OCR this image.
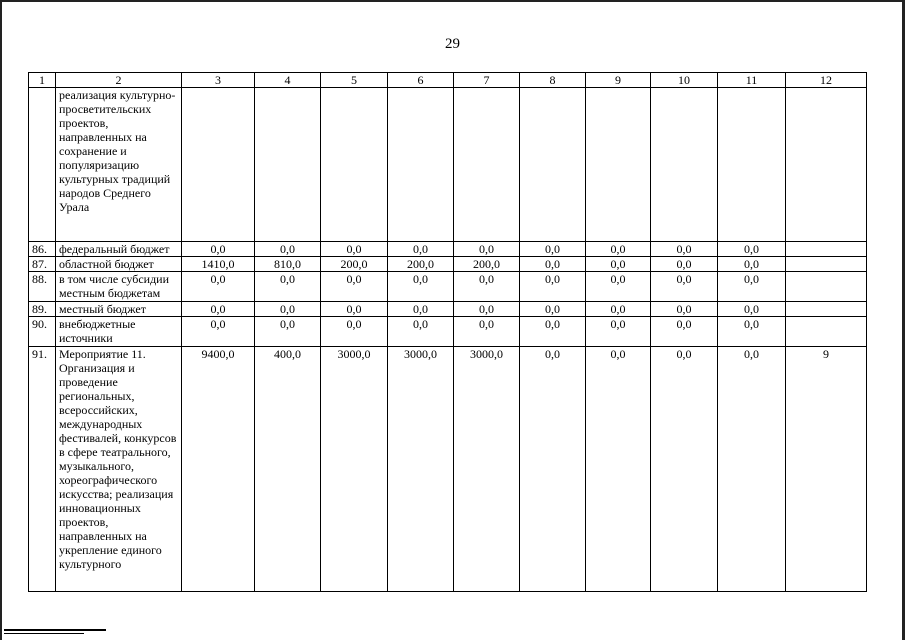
29
1	2	3	4	5	6	7	8	9	10	11	12
	реализация культурно-просветительских проектов, направленных на сохранение и популяризацию культурных традиций народов Среднего Урала										
86.	федеральный бюджет	0,0	0,0	0,0	0,0	0,0	0,0	0,0	0,0	0,0	
87.	областной бюджет	1410,0	810,0	200,0	200,0	200,0	0,0	0,0	0,0	0,0	
88.	в том числе субсидии местным бюджетам	0,0	0,0	0,0	0,0	0,0	0,0	0,0	0,0	0,0	
89.	местный бюджет	0,0	0,0	0,0	0,0	0,0	0,0	0,0	0,0	0,0	
90.	внебюджетные источники	0,0	0,0	0,0	0,0	0,0	0,0	0,0	0,0	0,0	
91.	Мероприятие 11. Организация и проведение региональных, всероссийских, международных фестивалей, конкурсов в сфере театрального, музыкального, хореографического искусства; реализация инновационных проектов, направленных на укрепление единого культурного	9400,0	400,0	3000,0	3000,0	3000,0	0,0	0,0	0,0	0,0	9
